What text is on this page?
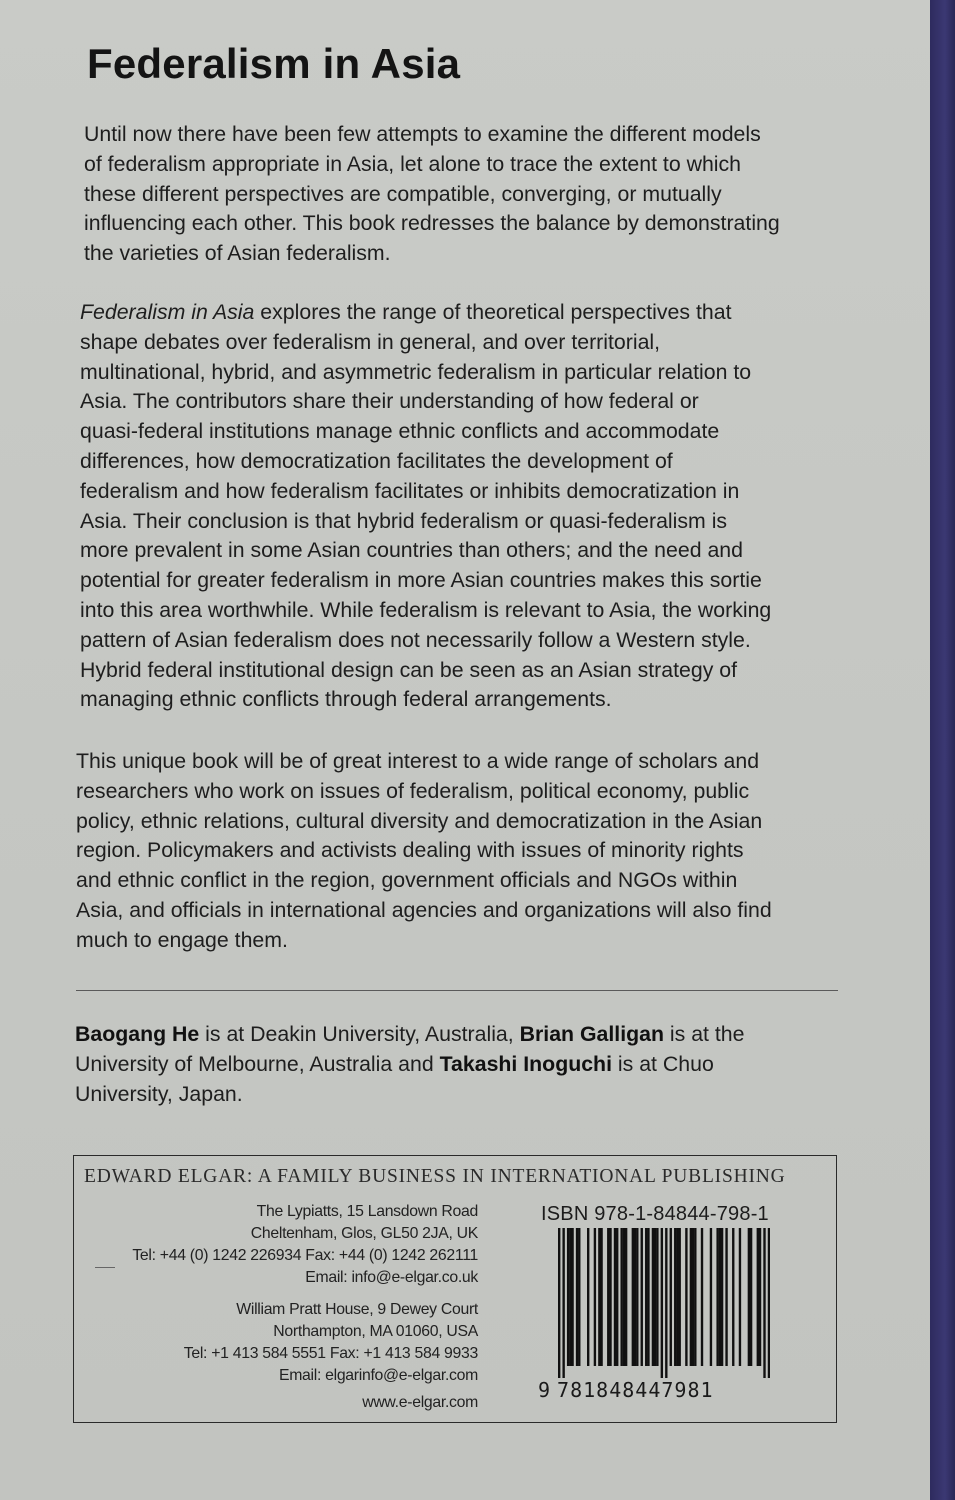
Federalism in Asia
Until now there have been few attempts to examine the different models
of federalism appropriate in Asia, let alone to trace the extent to which
these different perspectives are compatible, converging, or mutually
influencing each other. This book redresses the balance by demonstrating
the varieties of Asian federalism.
Federalism in Asia explores the range of theoretical perspectives that
shape debates over federalism in general, and over territorial,
multinational, hybrid, and asymmetric federalism in particular relation to
Asia. The contributors share their understanding of how federal or
quasi-federal institutions manage ethnic conflicts and accommodate
differences, how democratization facilitates the development of
federalism and how federalism facilitates or inhibits democratization in
Asia. Their conclusion is that hybrid federalism or quasi-federalism is
more prevalent in some Asian countries than others; and the need and
potential for greater federalism in more Asian countries makes this sortie
into this area worthwhile. While federalism is relevant to Asia, the working
pattern of Asian federalism does not necessarily follow a Western style.
Hybrid federal institutional design can be seen as an Asian strategy of
managing ethnic conflicts through federal arrangements.
This unique book will be of great interest to a wide range of scholars and
researchers who work on issues of federalism, political economy, public
policy, ethnic relations, cultural diversity and democratization in the Asian
region. Policymakers and activists dealing with issues of minority rights
and ethnic conflict in the region, government officials and NGOs within
Asia, and officials in international agencies and organizations will also find
much to engage them.
Baogang He is at Deakin University, Australia, Brian Galligan is at the
University of Melbourne, Australia and Takashi Inoguchi is at Chuo
University, Japan.
EDWARD ELGAR: A FAMILY BUSINESS IN INTERNATIONAL PUBLISHING
The Lypiatts, 15 Lansdown Road
Cheltenham, Glos, GL50 2JA, UK
Tel: +44 (0) 1242 226934 Fax: +44 (0) 1242 262111
Email: info@e-elgar.co.uk
William Pratt House, 9 Dewey Court
Northampton, MA 01060, USA
Tel: +1 413 584 5551 Fax: +1 413 584 9933
Email: elgarinfo@e-elgar.com
www.e-elgar.com
ISBN 978-1-84844-798-1
9 781848447981
